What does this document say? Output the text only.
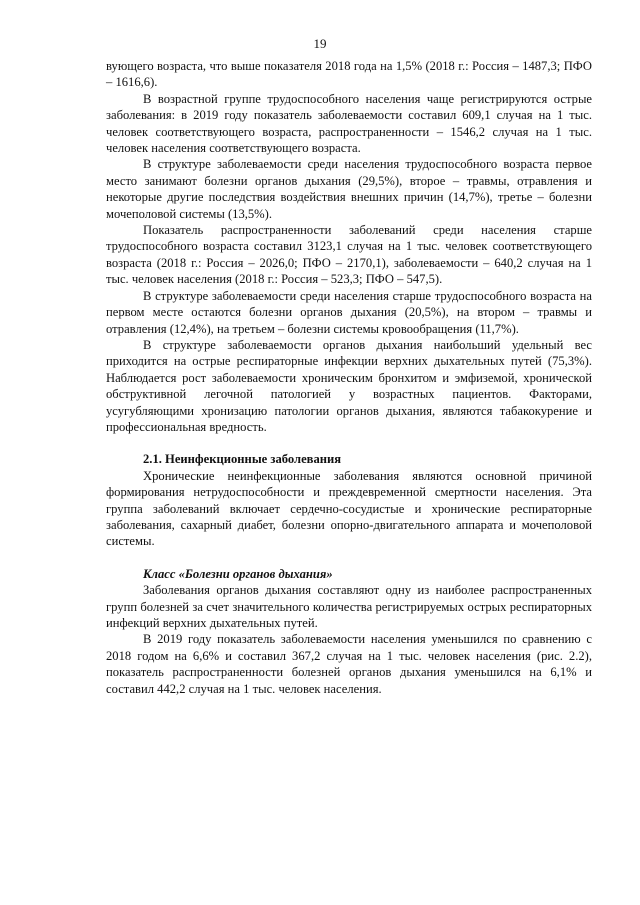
19

вующего возраста, что выше показателя 2018 года на 1,5% (2018 г.: Россия – 1487,3; ПФО – 1616,6).

В возрастной группе трудоспособного населения чаще регистрируются острые заболевания: в 2019 году показатель заболеваемости составил 609,1 случая на 1 тыс. человек соответствующего возраста, распространенности – 1546,2 случая на 1 тыс. человек населения соответствующего возраста.

В структуре заболеваемости среди населения трудоспособного возраста первое место занимают болезни органов дыхания (29,5%), второе – травмы, отравления и некоторые другие последствия воздействия внешних причин (14,7%), третье – болезни мочеполовой системы (13,5%).

Показатель распространенности заболеваний среди населения старше трудоспособного возраста составил 3123,1 случая на 1 тыс. человек соответствующего возраста (2018 г.: Россия – 2026,0; ПФО – 2170,1), заболеваемости – 640,2 случая на 1 тыс. человек населения (2018 г.: Россия – 523,3; ПФО – 547,5).

В структуре заболеваемости среди населения старше трудоспособного возраста на первом месте остаются болезни органов дыхания (20,5%), на втором – травмы и отравления (12,4%), на третьем – болезни системы кровообращения (11,7%).

В структуре заболеваемости органов дыхания наибольший удельный вес приходится на острые респираторные инфекции верхних дыхательных путей (75,3%). Наблюдается рост заболеваемости хроническим бронхитом и эмфиземой, хронической обструктивной легочной патологией у возрастных пациентов. Факторами, усугубляющими хронизацию патологии органов дыхания, являются табакокурение и профессиональная вредность.

2.1. Неинфекционные заболевания

Хронические неинфекционные заболевания являются основной причиной формирования нетрудоспособности и преждевременной смертности населения. Эта группа заболеваний включает сердечно-сосудистые и хронические респираторные заболевания, сахарный диабет, болезни опорно-двигательного аппарата и мочеполовой системы.

Класс «Болезни органов дыхания»

Заболевания органов дыхания составляют одну из наиболее распространенных групп болезней за счет значительного количества регистрируемых острых респираторных инфекций верхних дыхательных путей.

В 2019 году показатель заболеваемости населения уменьшился по сравнению с 2018 годом на 6,6% и составил 367,2 случая на 1 тыс. человек населения (рис. 2.2), показатель распространенности болезней органов дыхания уменьшился на 6,1% и составил 442,2 случая на 1 тыс. человек населения.
